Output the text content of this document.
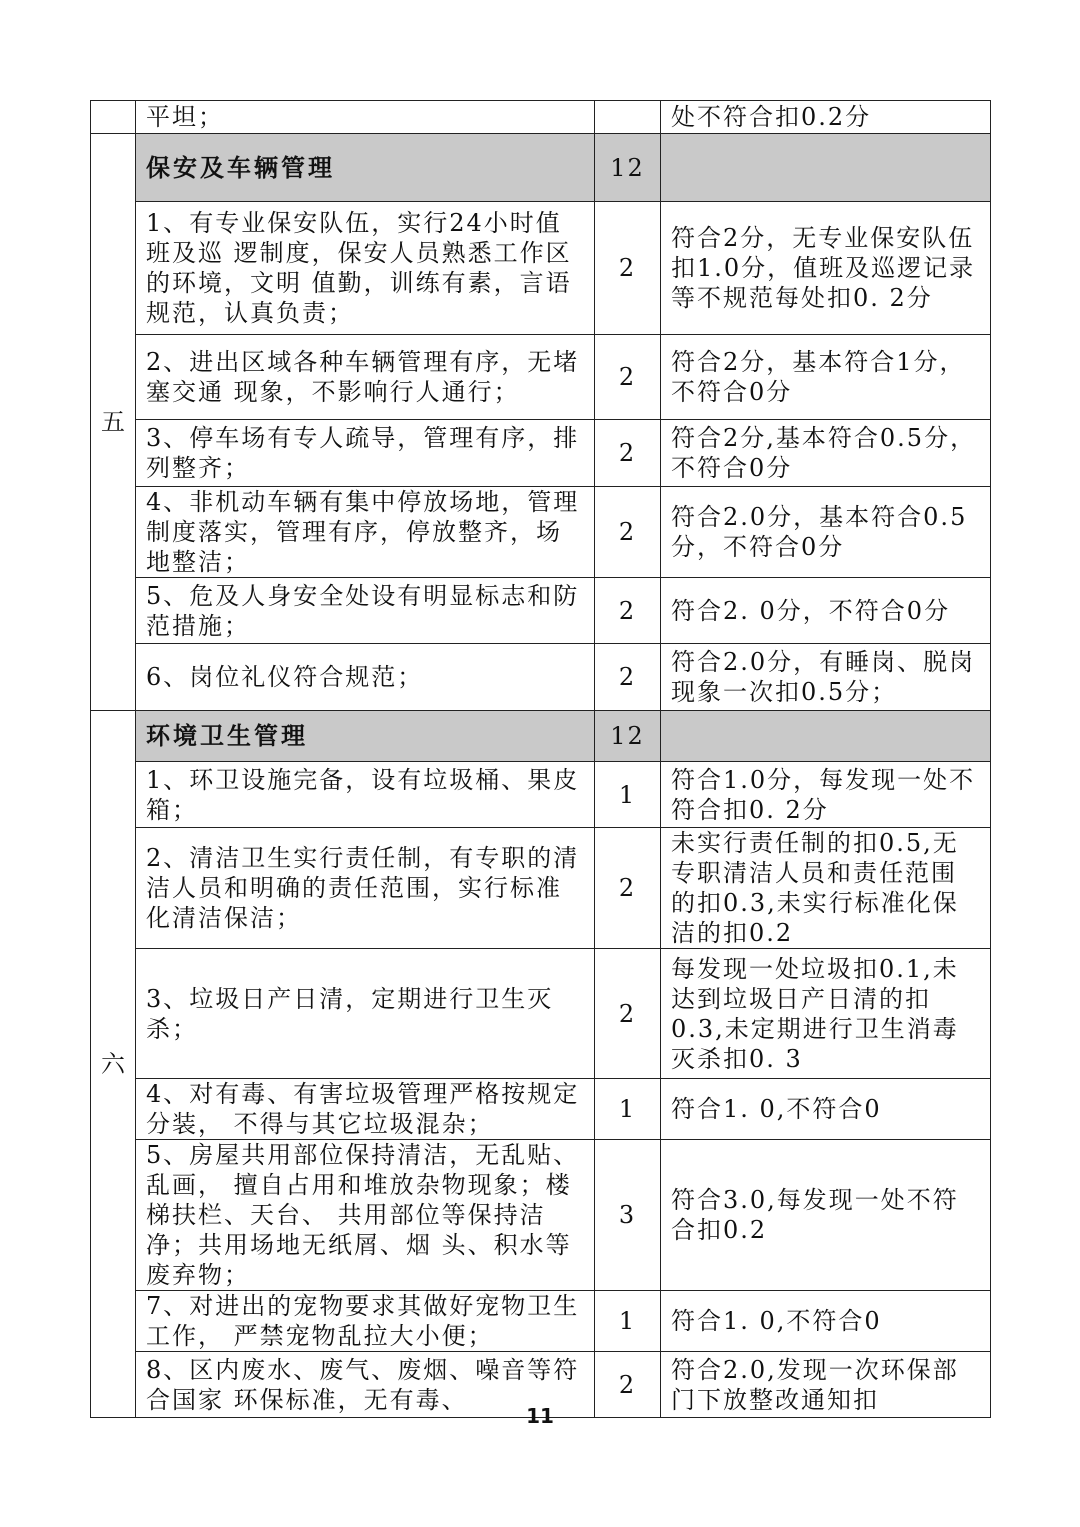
	平坦；		处不符合扣0.2分
五	保安及车辆管理	12	
	1、有专业保安队伍，实行24小时值班及巡 逻制度，保安人员熟悉工作区的环境，文明 值勤，训练有素，言语规范，认真负责；	2	符合2分，无专业保安队伍扣1.0分，值班及巡逻记录等不规范每处扣0. 2分
	2、进出区域各种车辆管理有序，无堵塞交通 现象，不影响行人通行；	2	符合2分，基本符合1分，不符合0分
	3、停车场有专人疏导，管理有序，排列整齐；	2	符合2分,基本符合0.5分，不符合0分
	4、非机动车辆有集中停放场地，管理制度落实，管理有序，停放整齐，场地整洁；	2	符合2.0分，基本符合0.5分，不符合0分
	5、危及人身安全处设有明显标志和防范措施；	2	符合2. 0分，不符合0分
	6、岗位礼仪符合规范；	2	符合2.0分，有睡岗、脱岗现象一次扣0.5分；
六	环境卫生管理	12	
	1、环卫设施完备，设有垃圾桶、果皮箱；	1	符合1.0分，每发现一处不符合扣0. 2分
	2、清洁卫生实行责任制，有专职的清洁人员和明确的责任范围，实行标准化清洁保洁；	2	未实行责任制的扣0.5,无专职清洁人员和责任范围的扣0.3,未实行标准化保洁的扣0.2
	3、垃圾日产日清，定期进行卫生灭杀；	2	每发现一处垃圾扣0.1,未达到垃圾日产日清的扣0.3,未定期进行卫生消毒灭杀扣0. 3
	4、对有毒、有害垃圾管理严格按规定分装， 不得与其它垃圾混杂；	1	符合1. 0,不符合0
	5、房屋共用部位保持清洁，无乱贴、乱画， 擅自占用和堆放杂物现象；楼梯扶栏、天台、 共用部位等保持洁净；共用场地无纸屑、烟 头、积水等废弃物；	3	符合3.0,每发现一处不符合扣0.2
	7、对进出的宠物要求其做好宠物卫生工作， 严禁宠物乱拉大小便；	1	符合1. 0,不符合0
	8、区内废水、废气、废烟、噪音等符合国家 环保标准，无有毒、	2	符合2.0,发现一次环保部门下放整改通知扣
11
